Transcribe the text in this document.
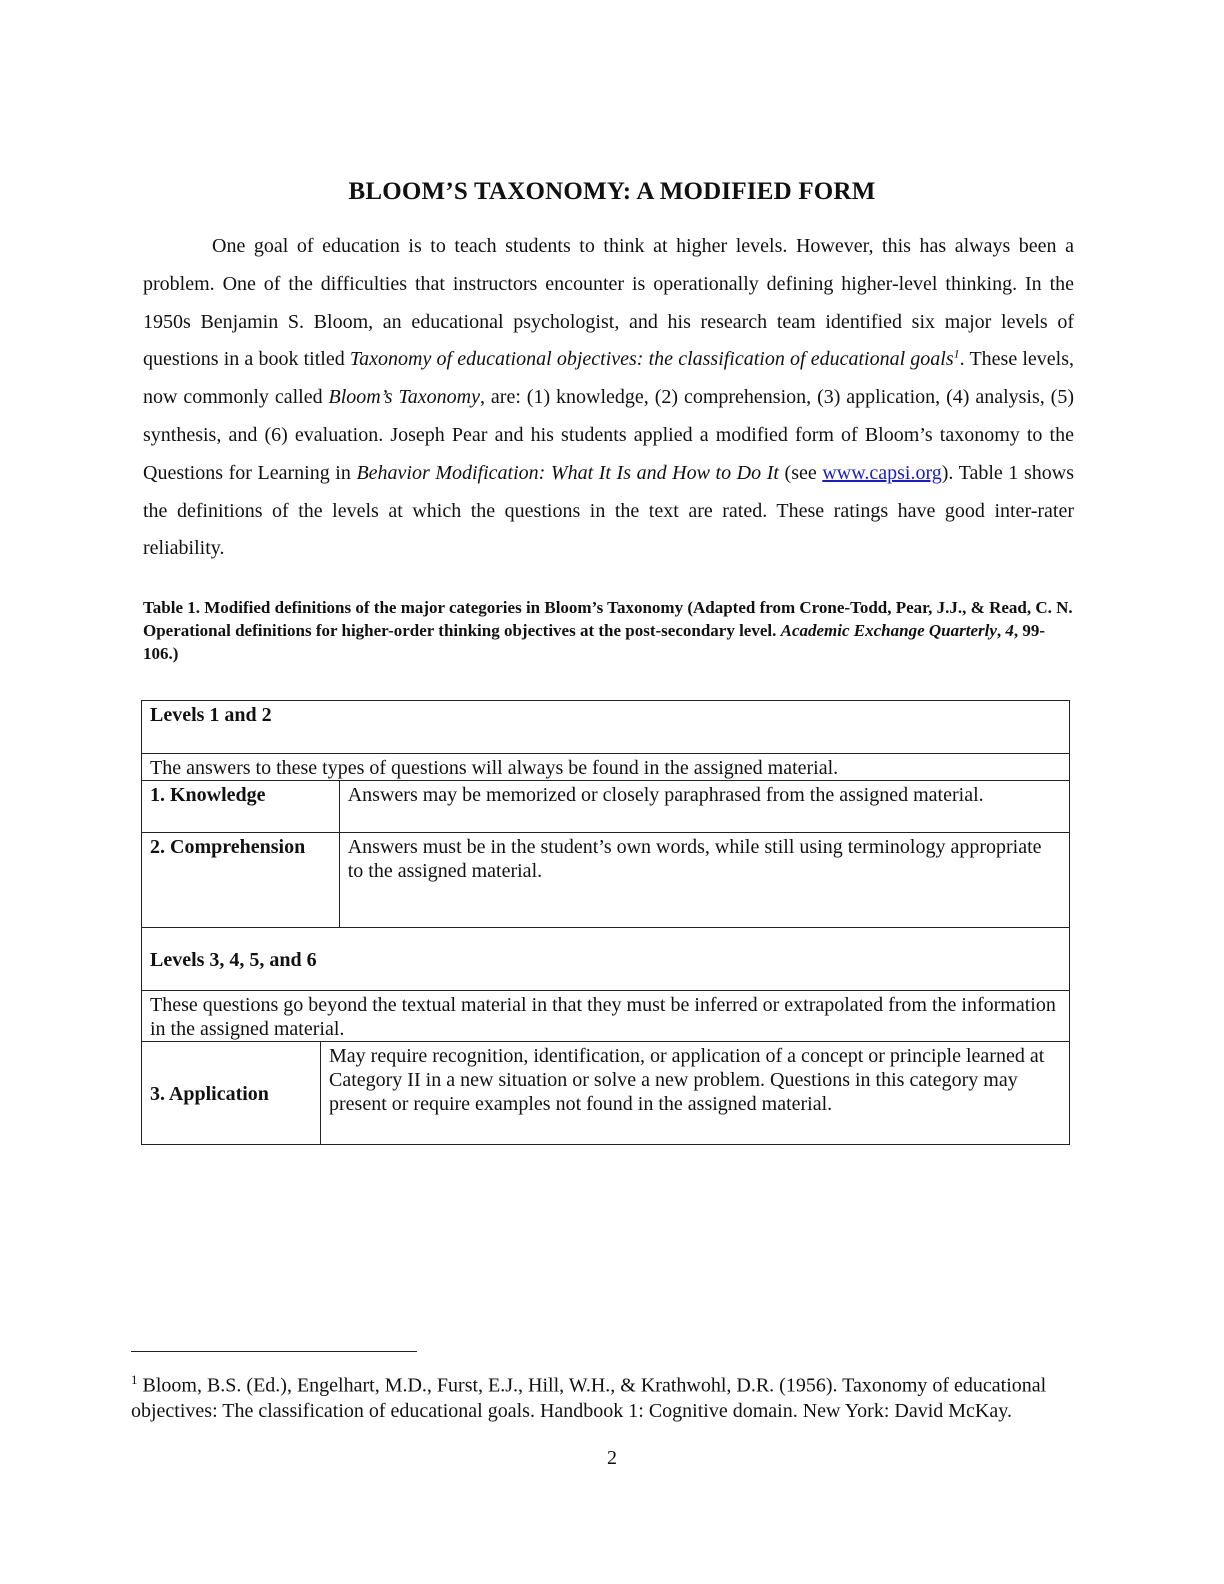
BLOOM’S TAXONOMY: A MODIFIED FORM

One goal of education is to teach students to think at higher levels. However, this has always been a problem. One of the difficulties that instructors encounter is operationally defining higher-level thinking. In the 1950s Benjamin S. Bloom, an educational psychologist, and his research team identified six major levels of questions in a book titled Taxonomy of educational objectives: the classification of educational goals$^1$. These levels, now commonly called Bloom’s Taxonomy, are: (1) knowledge, (2) comprehension, (3) application, (4) analysis, (5) synthesis, and (6) evaluation. Joseph Pear and his students applied a modified form of Bloom’s taxonomy to the Questions for Learning in Behavior Modification: What It Is and How to Do It (see www.capsi.org). Table 1 shows the definitions of the levels at which the questions in the text are rated. These ratings have good inter-rater reliability.

Table 1. Modified definitions of the major categories in Bloom’s Taxonomy (Adapted from Crone-Todd, Pear, J.J., & Read, C. N. Operational definitions for higher-order thinking objectives at the post-secondary level. Academic Exchange Quarterly, 4, 99-106.)
Levels 1 and 2		
The answers to these types of questions will always be found in the assigned material.		
1. Knowledge		Answers may be memorized or closely paraphrased from the assigned material.
2. Comprehension		Answers must be in the student’s own words, while still using terminology appropriate to the assigned material.
Levels 3, 4, 5, and 6		
These questions go beyond the textual material in that they must be inferred or extrapolated from the information in the assigned material.		
3. Application	May require recognition, identification, or application of a concept or principle learned at Category II in a new situation or solve a new problem. Questions in this category may present or require examples not found in the assigned material.	
$^1$ Bloom, B.S. (Ed.), Engelhart, M.D., Furst, E.J., Hill, W.H., & Krathwohl, D.R. (1956). Taxonomy of educational objectives: The classification of educational goals. Handbook 1: Cognitive domain. New York: David McKay.
2
